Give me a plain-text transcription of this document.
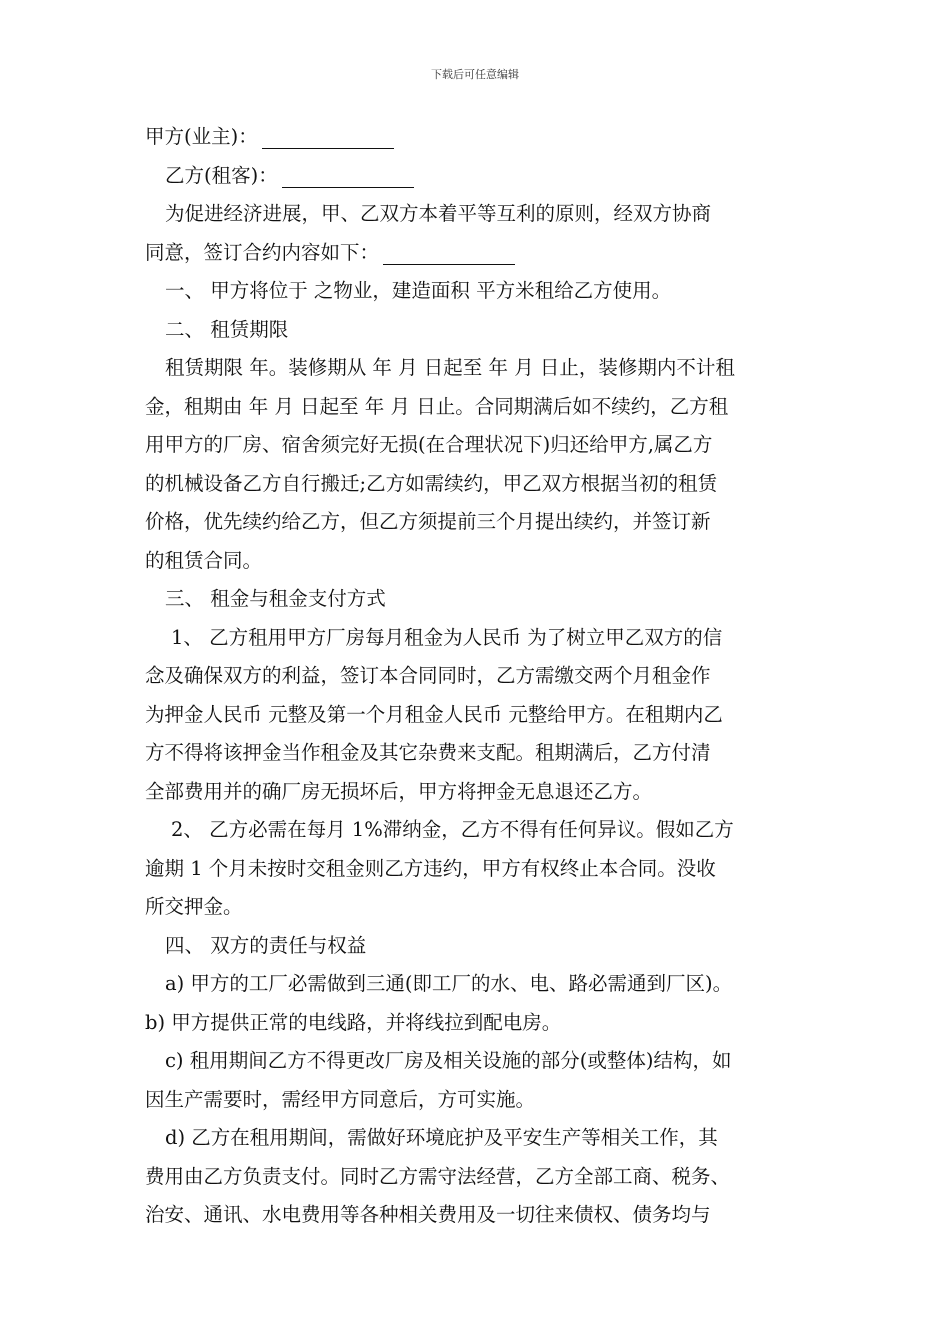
下载后可任意编辑
甲方(业主)：
乙方(租客)：
为促进经济进展，甲、乙双方本着平等互利的原则，经双方协商
同意，签订合约内容如下：
一、 甲方将位于 之物业，建造面积 平方米租给乙方使用。
二、 租赁期限
租赁期限 年。装修期从 年 月 日起至 年 月 日止，装修期内不计租
金，租期由 年 月 日起至 年 月 日止。合同期满后如不续约，乙方租
用甲方的厂房、宿舍须完好无损(在合理状况下)归还给甲方,属乙方
的机械设备乙方自行搬迁;乙方如需续约，甲乙双方根据当初的租赁
价格，优先续约给乙方，但乙方须提前三个月提出续约，并签订新
的租赁合同。
三、 租金与租金支付方式
1、 乙方租用甲方厂房每月租金为人民币 为了树立甲乙双方的信
念及确保双方的利益，签订本合同同时，乙方需缴交两个月租金作
为押金人民币 元整及第一个月租金人民币 元整给甲方。在租期内乙
方不得将该押金当作租金及其它杂费来支配。租期满后，乙方付清
全部费用并的确厂房无损坏后，甲方将押金无息退还乙方。
2、 乙方必需在每月 1%滞纳金，乙方不得有任何异议。假如乙方
逾期 1 个月未按时交租金则乙方违约，甲方有权终止本合同。没收
所交押金。
四、 双方的责任与权益
a) 甲方的工厂必需做到三通(即工厂的水、电、路必需通到厂区)。
b) 甲方提供正常的电线路，并将线拉到配电房。
c) 租用期间乙方不得更改厂房及相关设施的部分(或整体)结构，如
因生产需要时，需经甲方同意后，方可实施。
d) 乙方在租用期间，需做好环境庇护及平安生产等相关工作，其
费用由乙方负责支付。同时乙方需守法经营，乙方全部工商、税务、
治安、通讯、水电费用等各种相关费用及一切往来债权、债务均与
